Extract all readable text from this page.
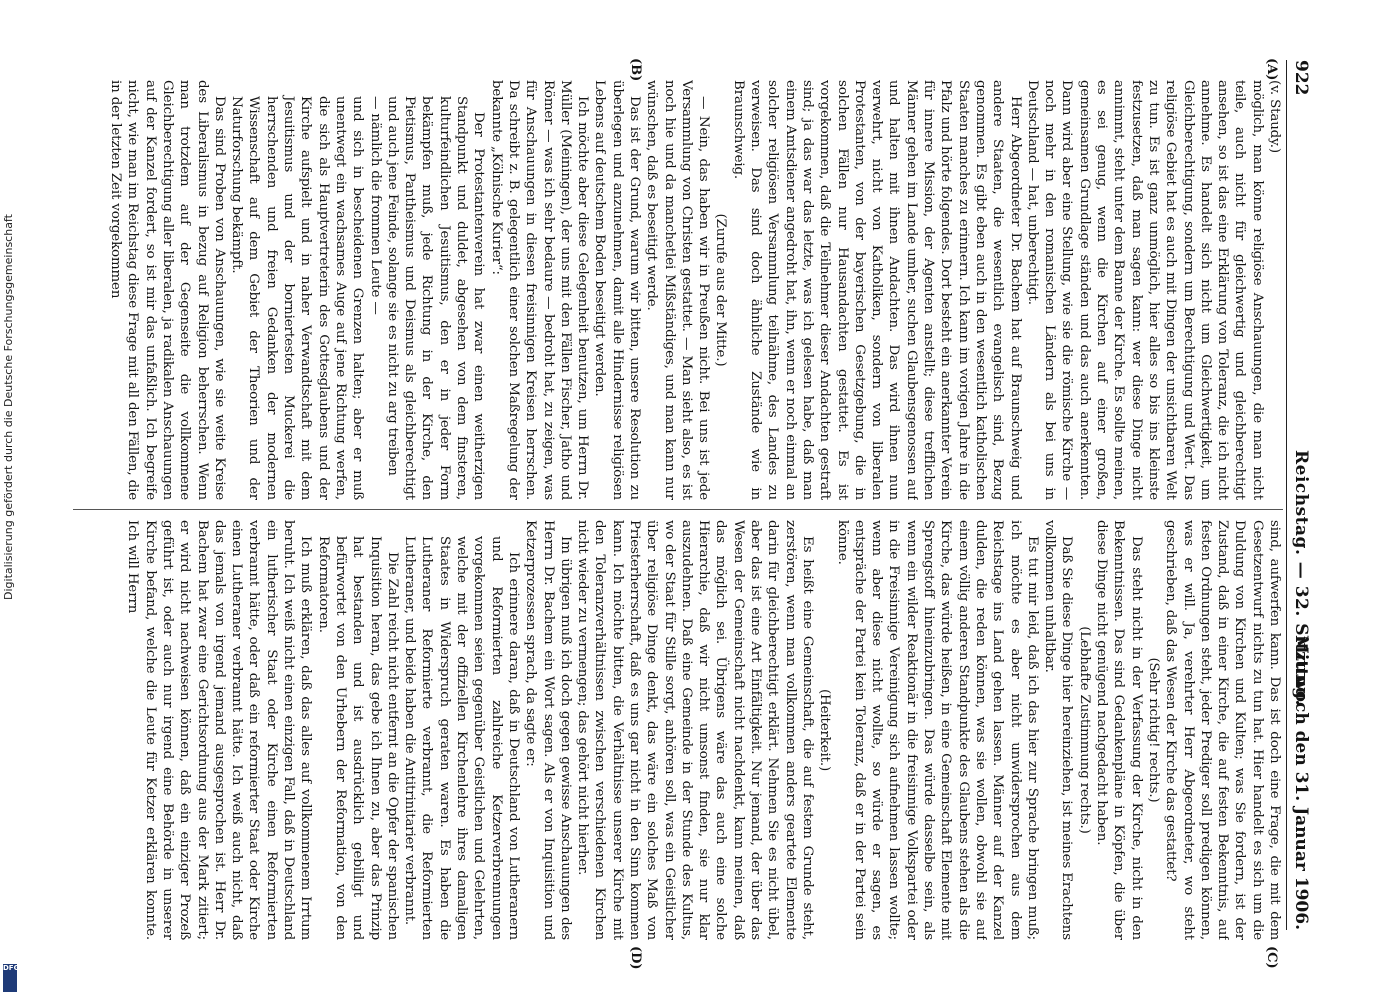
922
Reichstag. — 32. Sitzung.
Mittwoch den 31. Januar 1906.
(A)
(B)
(C)
(D)

(v. Staudy.)

möglich, man könne religiöse Anschauungen, die man nicht teile, auch nicht für gleichwertig und gleichberechtigt ansehen, so ist das eine Erklärung von Toleranz, die ich nicht annehme. Es handelt sich nicht um Gleichwertigkeit, um Gleichberechtigung, sondern um Berechtigung und Wert. Das religiöse Gebiet hat es auch mit Dingen der unsichtbaren Welt zu tun. Es ist ganz unmöglich, hier alles so bis ins kleinste festzusetzen, daß man sagen kann: wer diese Dinge nicht annimmt, steht unter dem Banne der Kirche. Es sollte meinen, es sei genug, wenn die Kirchen auf einer großen, gemeinsamen Grundlage ständen und das auch anerkennten. Dann wird aber eine Stellung, wie sie die römische Kirche — noch mehr in den romanischen Ländern als bei uns in Deutschland — hat, unberechtigt.

Herr Abgeordneter Dr. Bachem hat auf Braunschweig und andere Staaten, die wesentlich evangelisch sind, Bezug genommen. Es gibt eben auch in den wesentlich katholischen Staaten manches zu erinnern. Ich kann im vorigen Jahre in die Pfalz und hörte folgendes. Dort besteht ein anerkannter Verein für innere Mission, der Agenten anstellt; diese trefflichen Männer gehen im Lande umher, suchen Glaubensgenossen auf und halten mit ihnen Andachten. Das wird ihnen nun verwehrt, nicht von Katholiken, sondern von liberalen Protestanten, von der bayerischen Gesetzgebung, die in solchen Fällen nur Hausandachten gestattet. Es ist vorgekommen, daß die Teilnehmer dieser Andachten gestraft sind; ja das war das letzte, was ich gelesen habe, daß man einem Amtsdiener angedroht hat, ihn, wenn er noch einmal an solcher religiösen Versammlung teilnähme, des Landes zu verweisen. Das sind doch ähnliche Zustände wie in Braunschweig.

(Zurufe aus der Mitte.)

— Nein, das haben wir in Preußen nicht. Bei uns ist jede Versammlung von Christen gestattet. — Man sieht also, es ist noch hie und da manchetlei Mißständiges, und man kann nur wünschen, daß es beseitigt werde.

Das ist der Grund, warum wir bitten, unsere Resolution zu überlegen und anzunehmen, damit alle Hindernisse religiösen Lebens auf deutschem Boden beseitigt werden.

Ich möchte aber diese Gelegenheit benutzen, um Herrn Dr. Müller (Meiningen), der uns mit den Fällen Fischer, Jatho und Römer — was ich sehr bedaure — bedroht hat, zu zeigen, was für Anschauungen in diesen freisinnigen Kreisen herrschen. Da schreibt z. B. gelegentlich einer solchen Maßregelung der bekannte „Kölnische Kurier“:

Der Protestantenverein hat zwar einen weitherzigen Standpunkt und duldet, abgesehen von dem finsteren, kulturfeindlichen Jesuitismus, den er in jeder Form bekämpfen muß, jede Richtung in der Kirche, den Pietismus, Pantheismus und Deismus als gleichberechtigt und auch jene Feinde, solange sie es nicht zu arg treiben

— nämlich die frommen Leute —

und sich in bescheidenen Grenzen halten; aber er muß unentwegt ein wachsames Auge auf jene Richtung werfen, die sich als Hauptvertreterin des Gottesglaubens und der Kirche aufspielt und in naher Verwandtschaft mit dem Jesuitismus und der borniertesten Muckerei die herrschenden und freien Gedanken der modernen Wissenschaft auf dem Gebiet der Theorien und der Naturforschung bekämpft.

Das sind Proben von Anschauungen, wie sie weite Kreise des Liberalismus in bezug auf Religion beherrschen. Wenn man trotzdem auf der Gegenseite die vollkommene Gleichberechtigung aller liberalen, ja radikalen Anschauungen auf der Kanzel fordert, so ist mir das unfaßlich. Ich begreife nicht, wie man im Reichstag diese Frage mit all den Fällen, die in der letzten Zeit vorgekommen

sind, aufwerfen kann. Das ist doch eine Frage, die mit dem Gesetzentwurf nichts zu tun hat. Hier handelt es sich um die Duldung von Kirchen und Kulten; was Sie fordern, ist der Zustand, daß in einer Kirche, die auf festen Bekenntnis, auf festen Ordnungen steht, jeder Prediger soll predigen können, was er will. Ja, verehrter Herr Abgeordneter, wo steht geschrieben, daß das Wesen der Kirche das gestattet?

(Sehr richtig! rechts.)

Das steht nicht in der Verfassung der Kirche, nicht in den Bekenntnissen. Das sind Gedankenpläne in Köpfen, die über diese Dinge nicht genügend nachgedacht haben.

(Lebhafte Zustimmung rechts.)

Daß Sie diese Dinge hier hereinziehen, ist meines Erachtens vollkommen unhaltbar.

Es tut mir leid, daß ich das hier zur Sprache bringen muß; ich möchte es aber nicht unwidersprochen aus dem Reichstage ins Land gehen lassen. Männer auf der Kanzel dulden, die reden können, was sie wollen, obwohl sie auf einem völlig anderen Standpunkte des Glaubens stehen als die Kirche, das würde heißen, in eine Gemeinschaft Elemente mit Sprengstoff hineinzubringen. Das würde dasselbe sein, als wenn ein wilder Reaktionär in die freisinnige Volkspartei oder in die Freisinnige Vereinigung sich aufnehmen lassen wollte; wenn aber diese nicht wollte, so würde er sagen, es entspräche der Partei kein Toleranz, daß er in der Partei sein könne.

(Heiterkeit.)

Es heißt eine Gemeinschaft, die auf festem Grunde steht, zerstören, wenn man vollkommen anders geartete Elemente darin für gleichberechtigt erklärt. Nehmen Sie es nicht übel, aber das ist eine Art Einfältigkeit. Nur jemand, der über das Wesen der Gemeinschaft nicht nachdenkt, kann meinen, daß das möglich sei. Übrigens wäre das auch eine solche Hierarchie, daß wir nicht umsonst finden, sie nur klar auszudehnen. Daß eine Gemeinde in der Stunde des Kultus, wo der Staat für Stille sorgt, anhören soll, was ein Geistlicher über religiöse Dinge denkt, das wäre ein solches Maß von Priesterherrschaft, daß es uns gar nicht in den Sinn kommen kann. Ich möchte bitten, die Verhältnisse unserer Kirche mit den Toleranzverhältnissen zwischen verschiedenen Kirchen nicht wieder zu vermengen; das gehört nicht hierher.

Im übrigen muß ich doch gegen gewisse Anschauungen des Herrn Dr. Bachem ein Wort sagen. Als er von Inquisition und Ketzerprozessen sprach, da sagte er:

Ich erinnere daran, daß in Deutschland von Lutheranern und Reformierten zahlreiche Ketzerverbrennungen vorgekommen seien gegenüber Geistlichen und Gelehrten, welche mit der offiziellen Kirchenlehre ihres damaligen Staates in Widerspruch geraten waren. Es haben die Lutheraner Reformierte verbrannt, die Reformierten Lutheraner, und beide haben die Antitrinitarier verbrannt.

Die Zahl reicht nicht entfernt an die Opfer der spanischen Inquisition heran, das gebe ich Ihnen zu, aber das Prinzip hat bestanden und ist ausdrücklich gebilligt und befürwortet von den Urhebern der Reformation, von den Reformatoren.

Ich muß erklären, daß das alles auf vollkommenem Irrtum beruht. Ich weiß nicht einen einzigen Fall, daß in Deutschland ein lutherischer Staat oder Kirche einen Reformierten verbrannt hätte, oder daß ein reformierter Staat oder Kirche einen Lutheraner verbrannt hätte. Ich weiß auch nicht, daß das jemals von irgend jemand ausgesprochen ist. Herr Dr. Bachem hat zwar eine Gerichtsordnung aus der Mark zitiert; er wird nicht nachweisen können, daß ein einziger Prozeß geführt ist, oder auch nur irgend eine Behörde in unserer Kirche befand, welche die Leute für Ketzer erklären konnte. Ich will Herrn

Digitalisierung gefördert durch die Deutsche Forschungsgemeinschaft
DFG
